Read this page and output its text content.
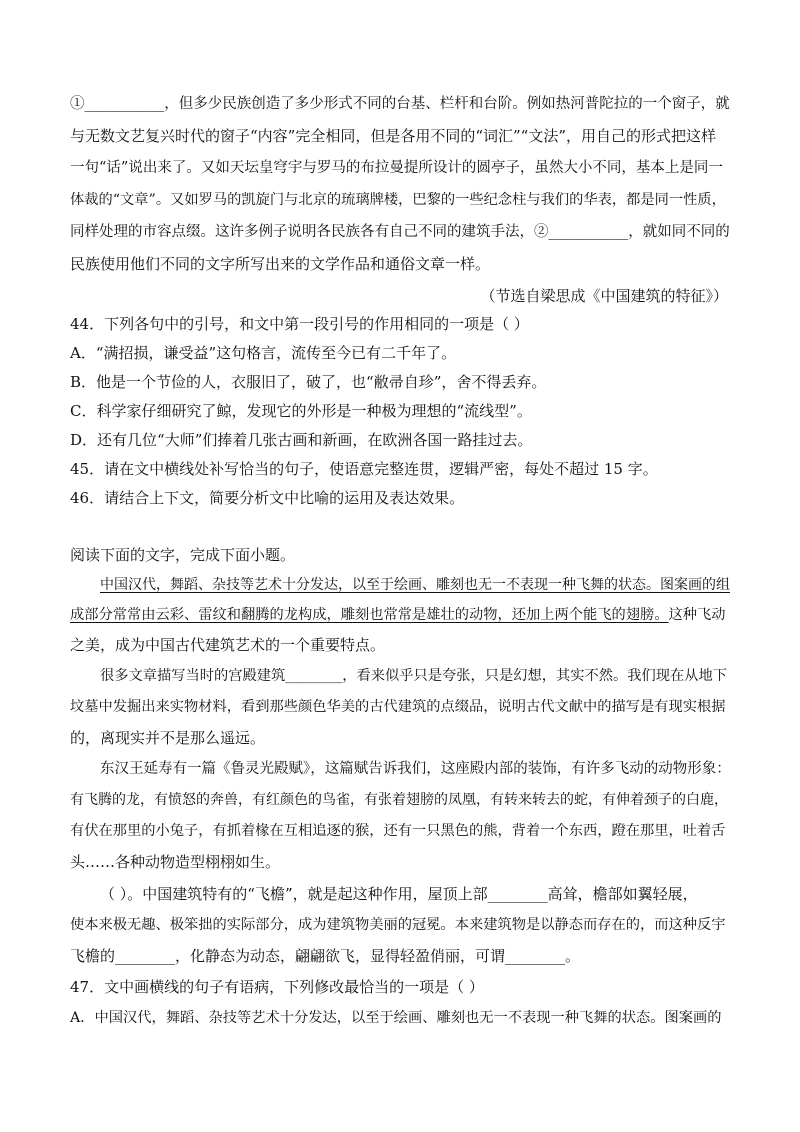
①___________，但多少民族创造了多少形式不同的台基、栏杆和台阶。例如热河普陀拉的一个窗子，就
与无数文艺复兴时代的窗子“内容”完全相同，但是各用不同的“词汇”“文法”，用自己的形式把这样
一句“话”说出来了。又如天坛皇穹宇与罗马的布拉曼提所设计的圆亭子，虽然大小不同，基本上是同一
体裁的“文章”。又如罗马的凯旋门与北京的琉璃牌楼，巴黎的一些纪念柱与我们的华表，都是同一性质，
同样处理的市容点缀。这许多例子说明各民族各有自己不同的建筑手法，②___________，就如同不同的
民族使用他们不同的文字所写出来的文学作品和通俗文章一样。
（节选自梁思成《中国建筑的特征》）
44．下列各句中的引号，和文中第一段引号的作用相同的一项是（ ）
A．“满招损，谦受益”这句格言，流传至今已有二千年了。
B．他是一个节俭的人，衣服旧了，破了，也“敝帚自珍”，舍不得丢弃。
C．科学家仔细研究了鲸，发现它的外形是一种极为理想的“流线型”。
D．还有几位“大师”们捧着几张古画和新画，在欧洲各国一路挂过去。
45．请在文中横线处补写恰当的句子，使语意完整连贯，逻辑严密，每处不超过 15 字。
46．请结合上下文，简要分析文中比喻的运用及表达效果。
阅读下面的文字，完成下面小题。
中国汉代，舞蹈、杂技等艺术十分发达，以至于绘画、雕刻也无一不表现一种飞舞的状态。图案画的组
成部分常常由云彩、雷纹和翻腾的龙构成，雕刻也常常是雄壮的动物，还加上两个能飞的翅膀。这种飞动
之美，成为中国古代建筑艺术的一个重要特点。
很多文章描写当时的宫殿建筑________，看来似乎只是夸张，只是幻想，其实不然。我们现在从地下
坟墓中发掘出来实物材料，看到那些颜色华美的古代建筑的点缀品，说明古代文献中的描写是有现实根据
的，离现实并不是那么遥远。
东汉王延寿有一篇《鲁灵光殿赋》，这篇赋告诉我们，这座殿内部的装饰，有许多飞动的动物形象：
有飞腾的龙，有愤怒的奔兽，有红颜色的鸟雀，有张着翅膀的凤凰，有转来转去的蛇，有伸着颈子的白鹿，
有伏在那里的小兔子，有抓着椽在互相追逐的猴，还有一只黑色的熊，背着一个东西，蹬在那里，吐着舌
头……各种动物造型栩栩如生。
（ ）。中国建筑特有的“飞檐”，就是起这种作用，屋顶上部________高耸，檐部如翼轻展，
使本来极无趣、极笨拙的实际部分，成为建筑物美丽的冠冕。本来建筑物是以静态而存在的，而这种反宇
飞檐的________，化静态为动态，翩翩欲飞，显得轻盈俏丽，可谓________。
47．文中画横线的句子有语病，下列修改最恰当的一项是（ ）
A．中国汉代，舞蹈、杂技等艺术十分发达，以至于绘画、雕刻也无一不表现一种飞舞的状态。图案画的
